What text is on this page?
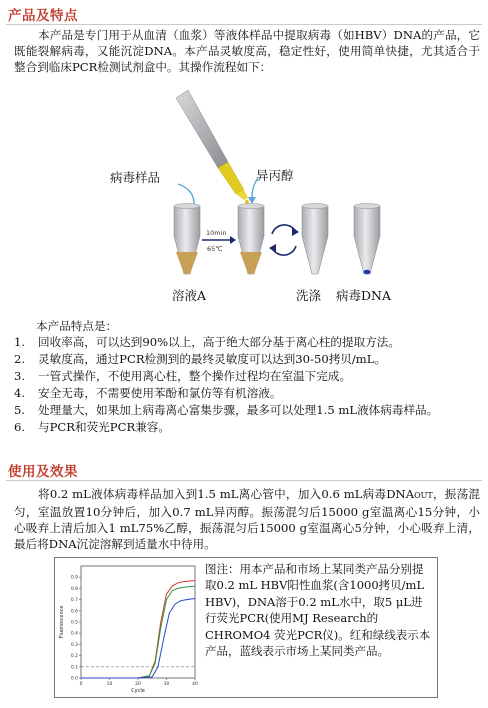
产品及特点
本产品是专门用于从血清（血浆）等液体样品中提取病毒（如HBV）DNA的产品，它既能裂解病毒，又能沉淀DNA。本产品灵敏度高，稳定性好，使用简单快捷，尤其适合于整合到临床PCR检测试剂盒中。其操作流程如下：
10min
65℃
病毒样品	异丙醇
溶液A	洗涤 病毒DNA
本产品特点是：
1.	回收率高，可以达到90%以上，高于绝大部分基于离心柱的提取方法。
2.	灵敏度高，通过PCR检测到的最终灵敏度可以达到30-50拷贝/mL。
3.	一管式操作，不使用离心柱，整个操作过程均在室温下完成。
4.	安全无毒，不需要使用苯酚和氯仿等有机溶液。
5.	处理量大，如果加上病毒离心富集步骤，最多可以处理1.5 mL液体病毒样品。
6.	与PCR和荧光PCR兼容。
使用及效果
将0.2 mL液体病毒样品加入到1.5 mL离心管中，加入0.6 mL病毒DNAOUT，振荡混匀，室温放置10分钟后，加入0.7 mL异丙醇。振荡混匀后15000 g室温离心15分钟，小心吸弃上清后加入1 mL75%乙醇，振荡混匀后15000 g室温离心5分钟，小心吸弃上清，最后将DNA沉淀溶解到适量水中待用。
0.0
0.1
0.2
0.3
0.4
0.5
0.6
0.7
0.8
0.9
0	10	20	30	40
Cycle
Fluorescence
图注：用本产品和市场上某同类产品分别提取0.2 mL HBV阳性血浆(含1000拷贝/mL HBV)，DNA溶于0.2 mL水中，取5 μL进行荧光PCR(使用MJ Research的CHROMO4 荧光PCR仪)。红和绿线表示本产品，蓝线表示市场上某同类产品。
